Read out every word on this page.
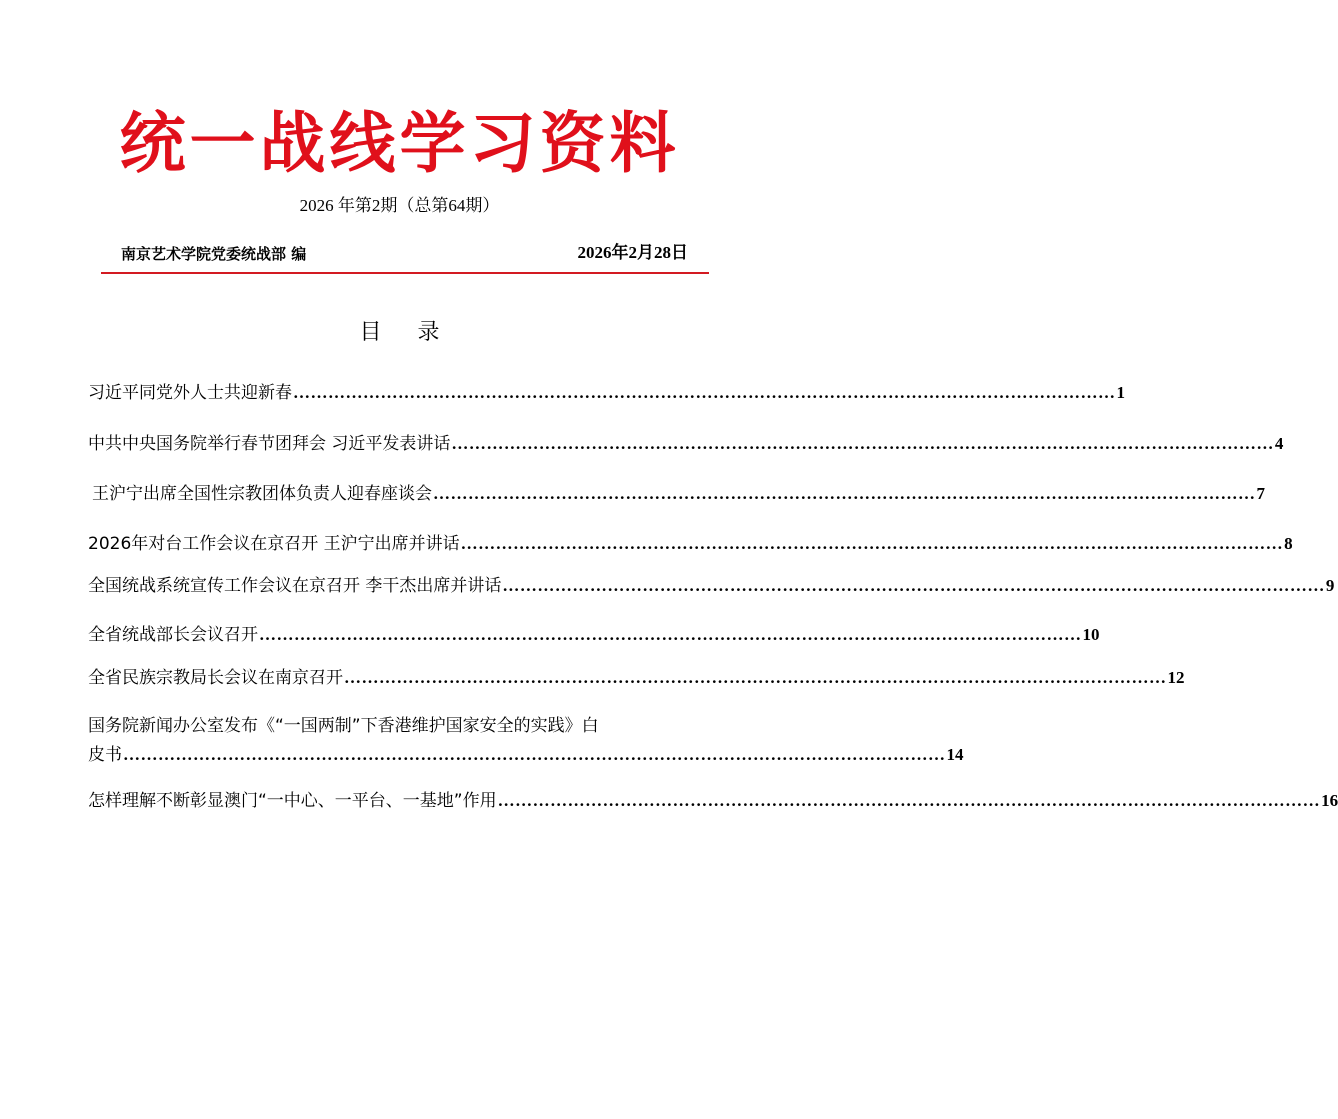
统一战线学习资料
2026 年第2期（总第64期）
南京艺术学院党委统战部 编	2026年2月28日
目 录
习近平同党外人士共迎新春 …………………………………………………………………………………………………………………………… 1
中共中央国务院举行春节团拜会 习近平发表讲话 …………………………………………………………………………………………………………………………… 4
王沪宁出席全国性宗教团体负责人迎春座谈会 …………………………………………………………………………………………………………………………… 7
2026年对台工作会议在京召开 王沪宁出席并讲话 …………………………………………………………………………………………………………………………… 8
全国统战系统宣传工作会议在京召开 李干杰出席并讲话 …………………………………………………………………………………………………………………………… 9
全省统战部长会议召开 …………………………………………………………………………………………………………………………… 10
全省民族宗教局长会议在南京召开 …………………………………………………………………………………………………………………………… 12
国务院新闻办公室发布《“一国两制”下香港维护国家安全的实践》白
皮书 …………………………………………………………………………………………………………………………… 14
怎样理解不断彰显澳门“一中心、一平台、一基地”作用 …………………………………………………………………………………………………………………………… 16
